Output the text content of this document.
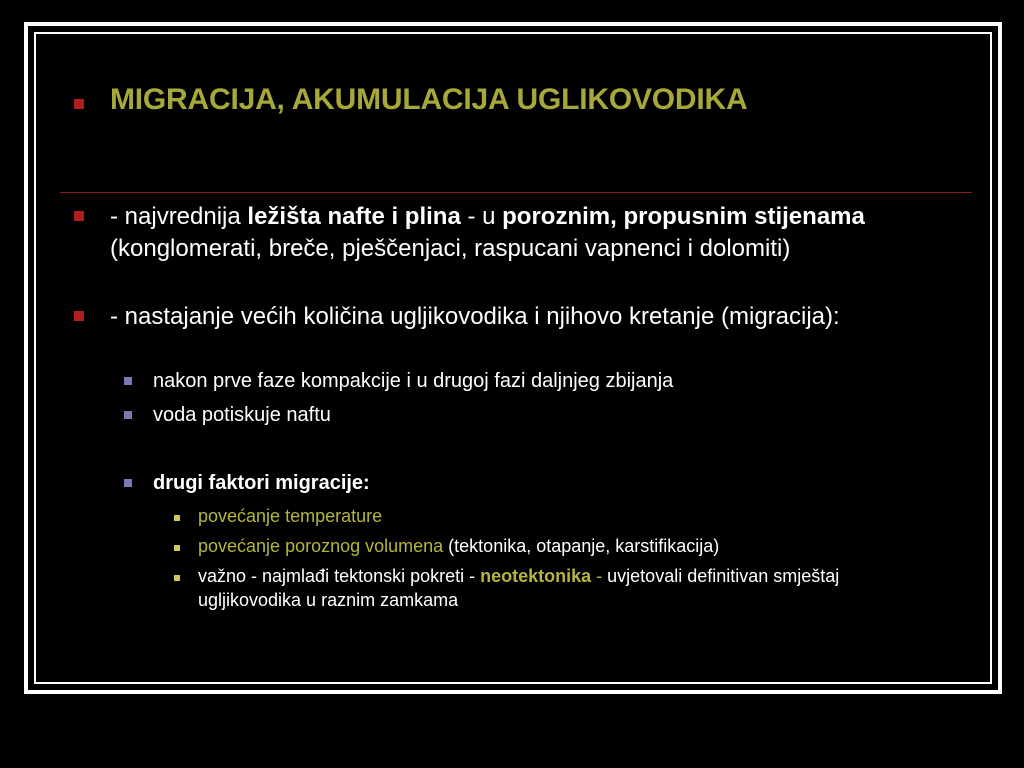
MIGRACIJA, AKUMULACIJA UGLIKOVODIKA
- najvrednija ležišta nafte i plina - u poroznim, propusnim stijenama (konglomerati, breče, pješčenjaci, raspucani vapnenci i dolomiti)
- nastajanje većih količina ugljikovodika i njihovo kretanje (migracija):
nakon prve faze kompakcije i u drugoj fazi daljnjeg zbijanja
voda potiskuje naftu
drugi faktori migracije:
povećanje temperature
povećanje poroznog volumena (tektonika, otapanje, karstifikacija)
važno - najmlađi tektonski pokreti - neotektonika - uvjetovali definitivan smještaj ugljikovodika u raznim zamkama
